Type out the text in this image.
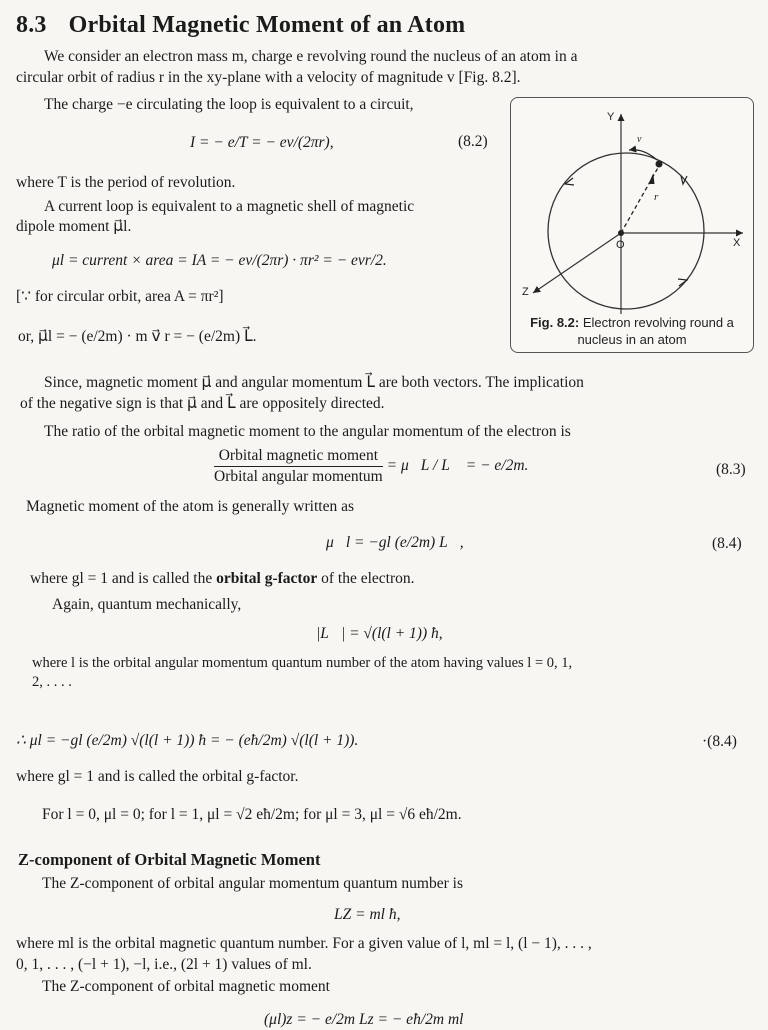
8.3 Orbital Magnetic Moment of an Atom
We consider an electron mass m, charge e revolving round the nucleus of an atom in a
circular orbit of radius r in the xy-plane with a velocity of magnitude v [Fig. 8.2].
The charge −e circulating the loop is equivalent to a circuit,
I = − e/T = − ev/(2πr),	(8.2)
where T is the period of revolution.
A current loop is equivalent to a magnetic shell of magnetic
dipole moment μ⃗l.
μl = current × area = IA = − ev/(2πr) · πr² = − evr/2.
[∵ for circular orbit, area A = πr²]
or, μ⃗l = − (e/2m) · m v⃗ r = − (e/2m) L⃗.
Y
X
Z
O
r
v
Fig. 8.2: Electron revolving round a
nucleus in an atom
Since, magnetic moment μ⃗ and angular momentum L⃗ are both vectors. The implication
of the negative sign is that μ⃗ and L⃗ are oppositely directed.
The ratio of the orbital magnetic moment to the angular momentum of the electron is
$\frac{\text{Orbital magnetic moment}}{\text{Orbital angular momentum}}$ = μ⃗L / L⃗ = − e/2m.	(8.3)
Magnetic moment of the atom is generally written as
μ⃗l = −gl (e/2m) L⃗,	(8.4)
where gl = 1 and is called the orbital g-factor of the electron.
Again, quantum mechanically,
|L⃗| = √(l(l + 1)) ħ,
where l is the orbital angular momentum quantum number of the atom having values l = 0, 1,
2, . . . .
∴ μl = −gl (e/2m) √(l(l + 1)) ħ = − (eħ/2m) √(l(l + 1)).	·(8.4)
where gl = 1 and is called the orbital g-factor.
For l = 0, μl = 0; for l = 1, μl = √2 eħ/2m; for μl = 3, μl = √6 eħ/2m.
Z-component of Orbital Magnetic Moment
The Z-component of orbital angular momentum quantum number is
LZ = ml ħ,
where ml is the orbital magnetic quantum number. For a given value of l, ml = l, (l − 1), . . . ,
0, 1, . . . , (−l + 1), −l, i.e., (2l + 1) values of ml.
The Z-component of orbital magnetic moment
(μl)z = − e/2m Lz = − eħ/2m ml
